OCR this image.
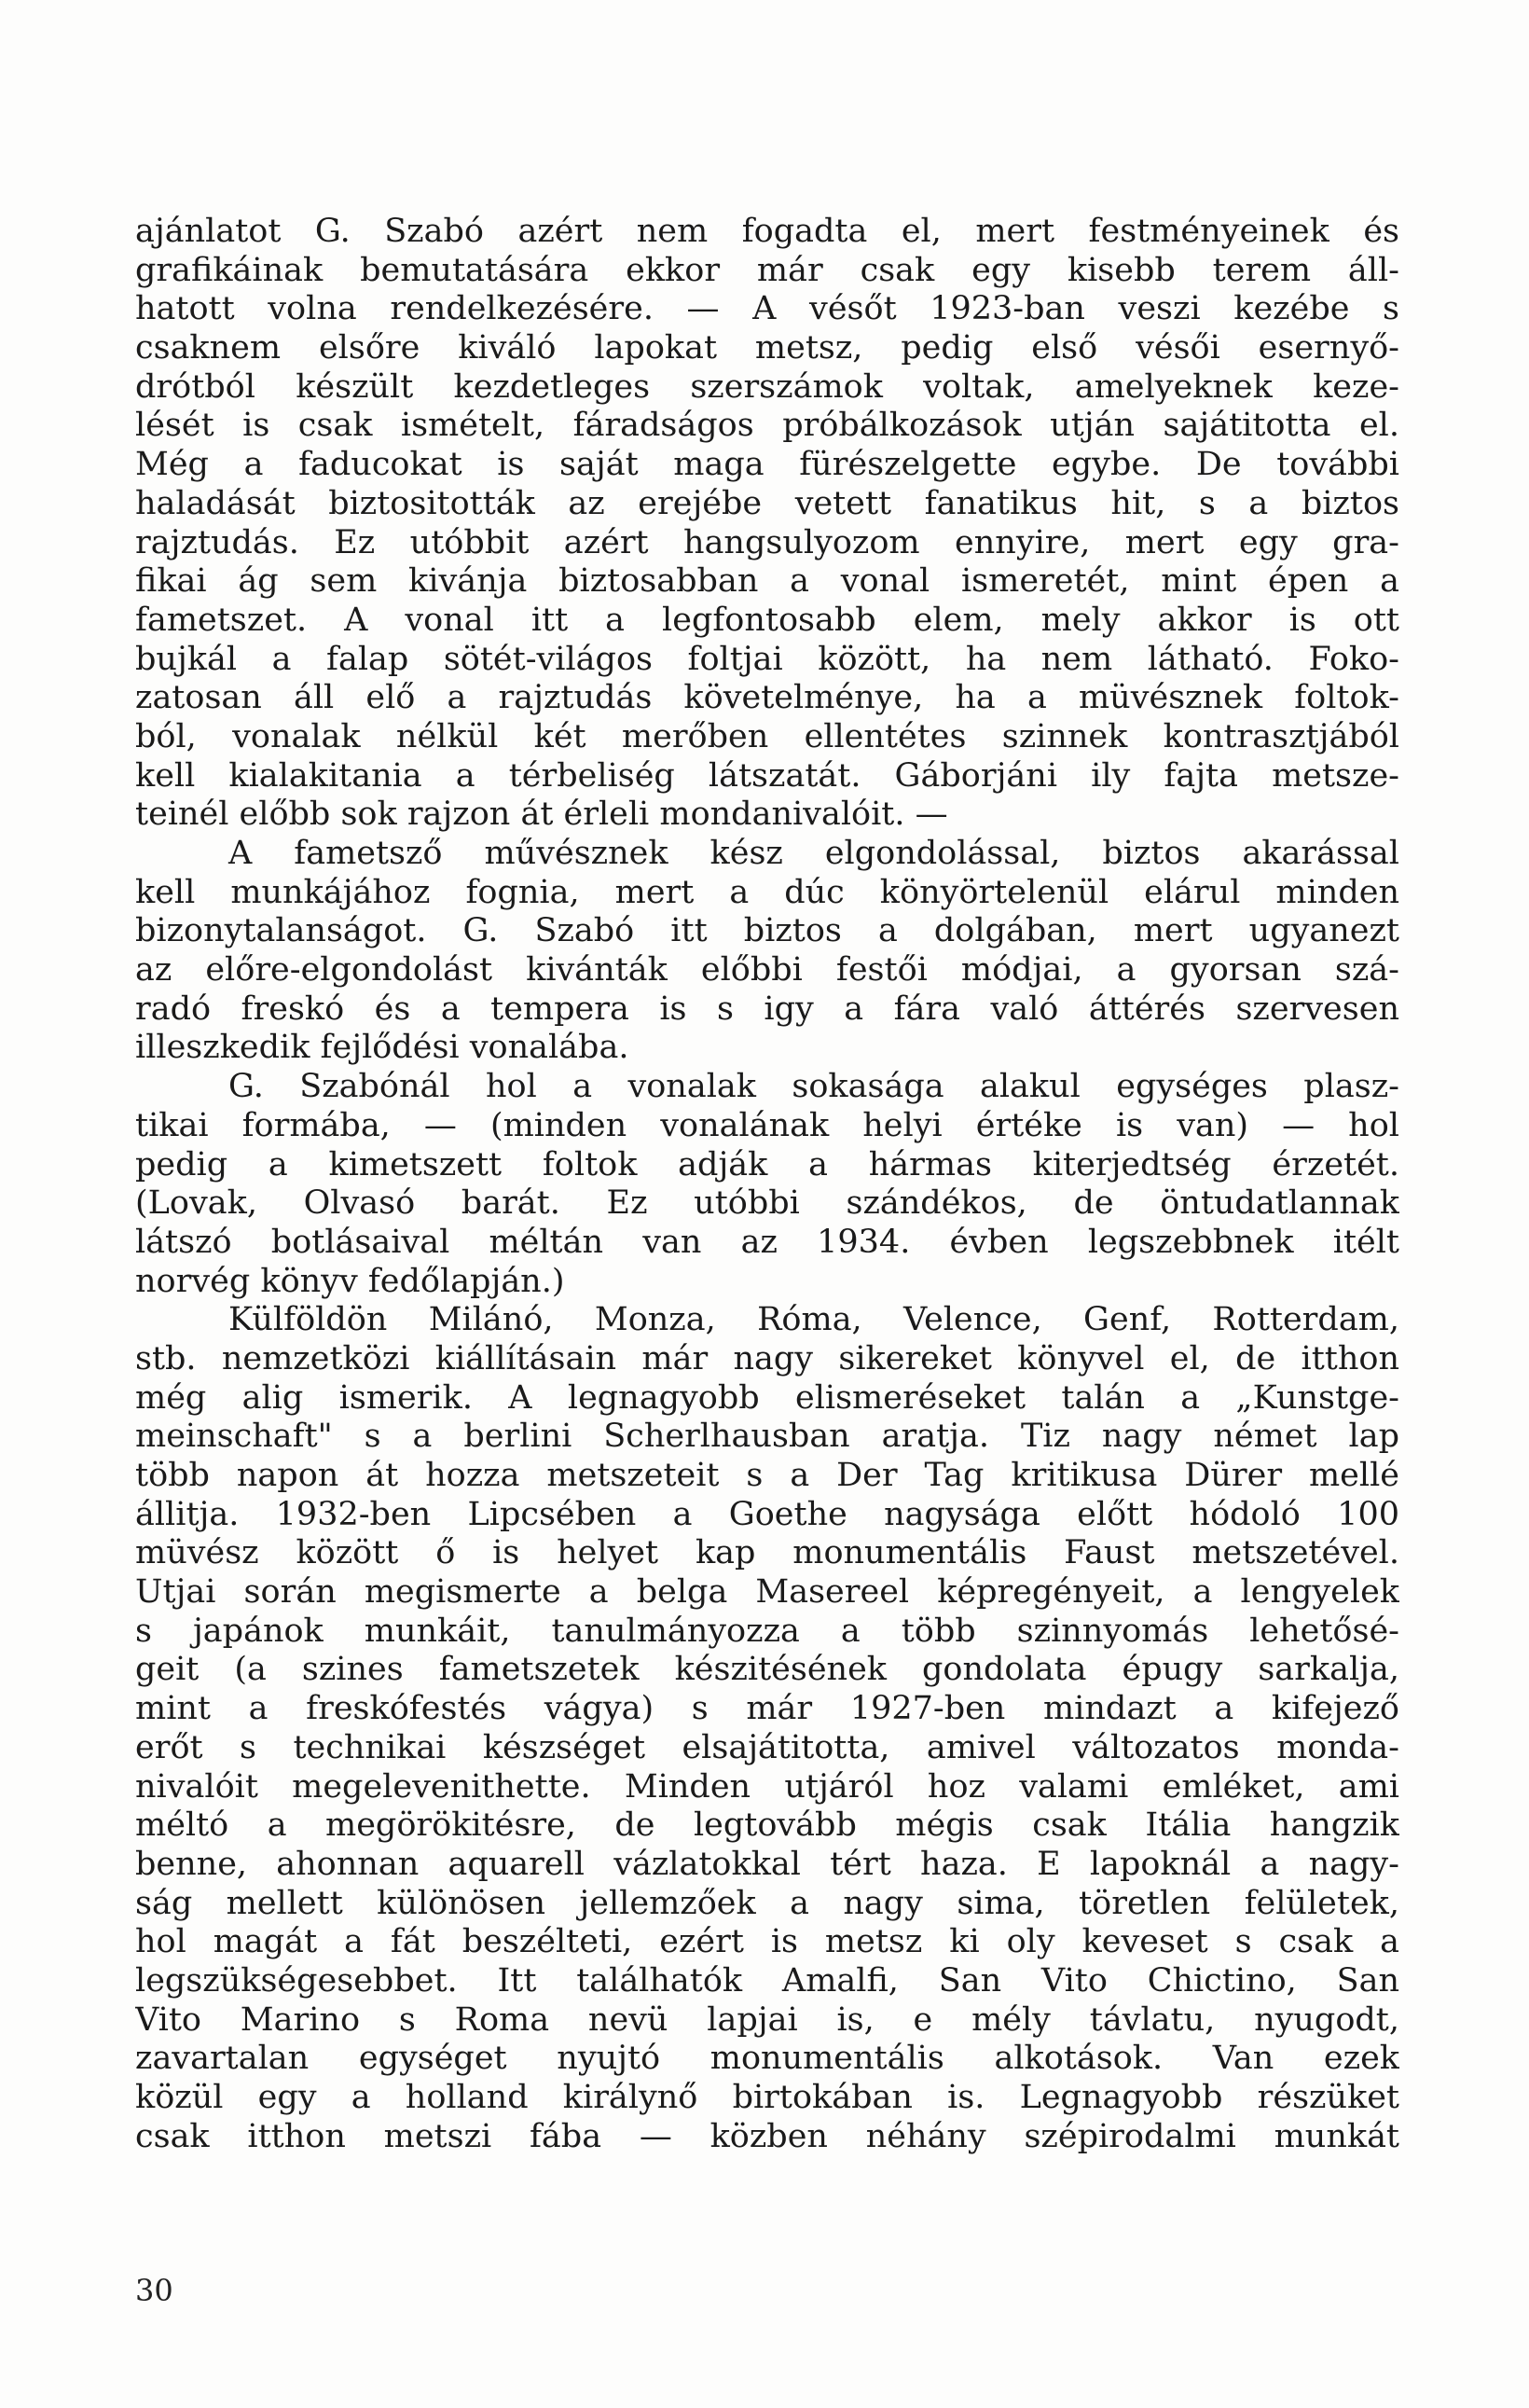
ajánlatot G. Szabó azért nem fogadta el, mert festményeinek és
grafikáinak bemutatására ekkor már csak egy kisebb terem áll-
hatott volna rendelkezésére. — A vésőt 1923-ban veszi kezébe s
csaknem elsőre kiváló lapokat metsz, pedig első vésői esernyő-
drótból készült kezdetleges szerszámok voltak, amelyeknek keze-
lését is csak ismételt, fáradságos próbálkozások utján sajátitotta el.
Még a faducokat is saját maga fürészelgette egybe. De további
haladását biztositották az erejébe vetett fanatikus hit, s a biztos
rajztudás. Ez utóbbit azért hangsulyozom ennyire, mert egy gra-
fikai ág sem kivánja biztosabban a vonal ismeretét, mint épen a
fametszet. A vonal itt a legfontosabb elem, mely akkor is ott
bujkál a falap sötét-világos foltjai között, ha nem látható. Foko-
zatosan áll elő a rajztudás követelménye, ha a müvésznek foltok-
ból, vonalak nélkül két merőben ellentétes szinnek kontrasztjából
kell kialakitania a térbeliség látszatát. Gáborjáni ily fajta metsze-
teinél előbb sok rajzon át érleli mondanivalóit. —
A fametsző művésznek kész elgondolással, biztos akarással
kell munkájához fognia, mert a dúc könyörtelenül elárul minden
bizonytalanságot. G. Szabó itt biztos a dolgában, mert ugyanezt
az előre-elgondolást kivánták előbbi festői módjai, a gyorsan szá-
radó freskó és a tempera is s igy a fára való áttérés szervesen
illeszkedik fejlődési vonalába.
G. Szabónál hol a vonalak sokasága alakul egységes plasz-
tikai formába, — (minden vonalának helyi értéke is van) — hol
pedig a kimetszett foltok adják a hármas kiterjedtség érzetét.
(Lovak, Olvasó barát. Ez utóbbi szándékos, de öntudatlannak
látszó botlásaival méltán van az 1934. évben legszebbnek itélt
norvég könyv fedőlapján.)
Külföldön Milánó, Monza, Róma, Velence, Genf, Rotterdam,
stb. nemzetközi kiállításain már nagy sikereket könyvel el, de itthon
még alig ismerik. A legnagyobb elismeréseket talán a „Kunstge-
meinschaft" s a berlini Scherlhausban aratja. Tiz nagy német lap
több napon át hozza metszeteit s a Der Tag kritikusa Dürer mellé
állitja. 1932-ben Lipcsében a Goethe nagysága előtt hódoló 100
müvész között ő is helyet kap monumentális Faust metszetével.
Utjai során megismerte a belga Masereel képregényeit, a lengyelek
s japánok munkáit, tanulmányozza a több szinnyomás lehetősé-
geit (a szines fametszetek készitésének gondolata épugy sarkalja,
mint a freskófestés vágya) s már 1927-ben mindazt a kifejező
erőt s technikai készséget elsajátitotta, amivel változatos monda-
nivalóit megelevenithette. Minden utjáról hoz valami emléket, ami
méltó a megörökitésre, de legtovább mégis csak Itália hangzik
benne, ahonnan aquarell vázlatokkal tért haza. E lapoknál a nagy-
ság mellett különösen jellemzőek a nagy sima, töretlen felületek,
hol magát a fát beszélteti, ezért is metsz ki oly keveset s csak a
legszükségesebbet. Itt találhatók Amalfi, San Vito Chictino, San
Vito Marino s Roma nevü lapjai is, e mély távlatu, nyugodt,
zavartalan egységet nyujtó monumentális alkotások. Van ezek
közül egy a holland királynő birtokában is. Legnagyobb részüket
csak itthon metszi fába — közben néhány szépirodalmi munkát
30
